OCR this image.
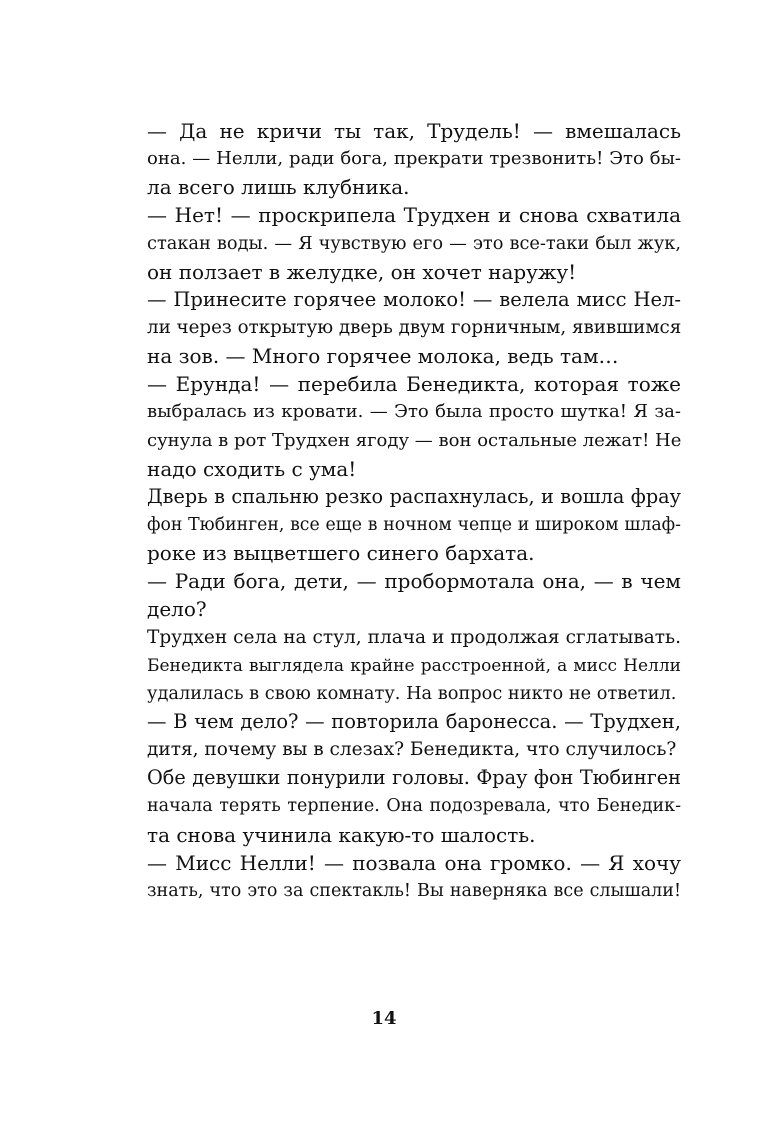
— Да не кричи ты так, Трудель! — вмешалась
она. — Нелли, ради бога, прекрати трезвонить! Это бы-
ла всего лишь клубника.
— Нет! — проскрипела Трудхен и снова схватила
стакан воды. — Я чувствую его — это все-таки был жук,
он ползает в желудке, он хочет наружу!
— Принесите горячее молоко! — велела мисс Нел-
ли через открытую дверь двум горничным, явившимся
на зов. — Много горячее молока, ведь там…
— Ерунда! — перебила Бенедикта, которая тоже
выбралась из кровати. — Это была просто шутка! Я за-
сунула в рот Трудхен ягоду — вон остальные лежат! Не
надо сходить с ума!
Дверь в спальню резко распахнулась, и вошла фрау
фон Тюбинген, все еще в ночном чепце и широком шлаф-
роке из выцветшего синего бархата.
— Ради бога, дети, — пробормотала она, — в чем
дело?
Трудхен села на стул, плача и продолжая сглатывать.
Бенедикта выглядела крайне расстроенной, а мисс Нелли
удалилась в свою комнату. На вопрос никто не ответил.
— В чем дело? — повторила баронесса. — Трудхен,
дитя, почему вы в слезах? Бенедикта, что случилось?
Обе девушки понурили головы. Фрау фон Тюбинген
начала терять терпение. Она подозревала, что Бенедик-
та снова учинила какую-то шалость.
— Мисс Нелли! — позвала она громко. — Я хочу
знать, что это за спектакль! Вы наверняка все слышали!
14
